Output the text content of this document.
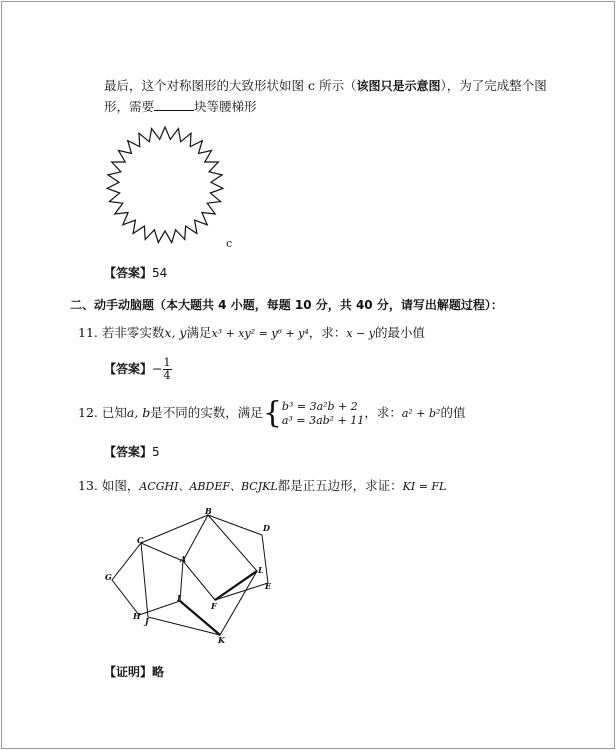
最后，这个对称图形的大致形状如图 c 所示（该图只是示意图），为了完成整个图
形，需要	块等腰梯形
c
【答案】54
二、动手动脑题（本大题共 4 小题，每题 10 分，共 40 分，请写出解题过程）：
11. 若非零实数x, y满足x³ + xy² = y⁶ + y⁴，求：x − y的最小值
【答案】− $\frac{1}{4}$
12. 已知a, b是不同的实数，满足{ b³ = 3a²b + 2
a³ = 3ab² + 11 ，求：a² + b²的值
【答案】5
13. 如图，ACGHI、ABDEF、BCJKL都是正五边形，求证：KI = FL
B
D
C
A
G
L
E
F
I
H J
K
【证明】略
